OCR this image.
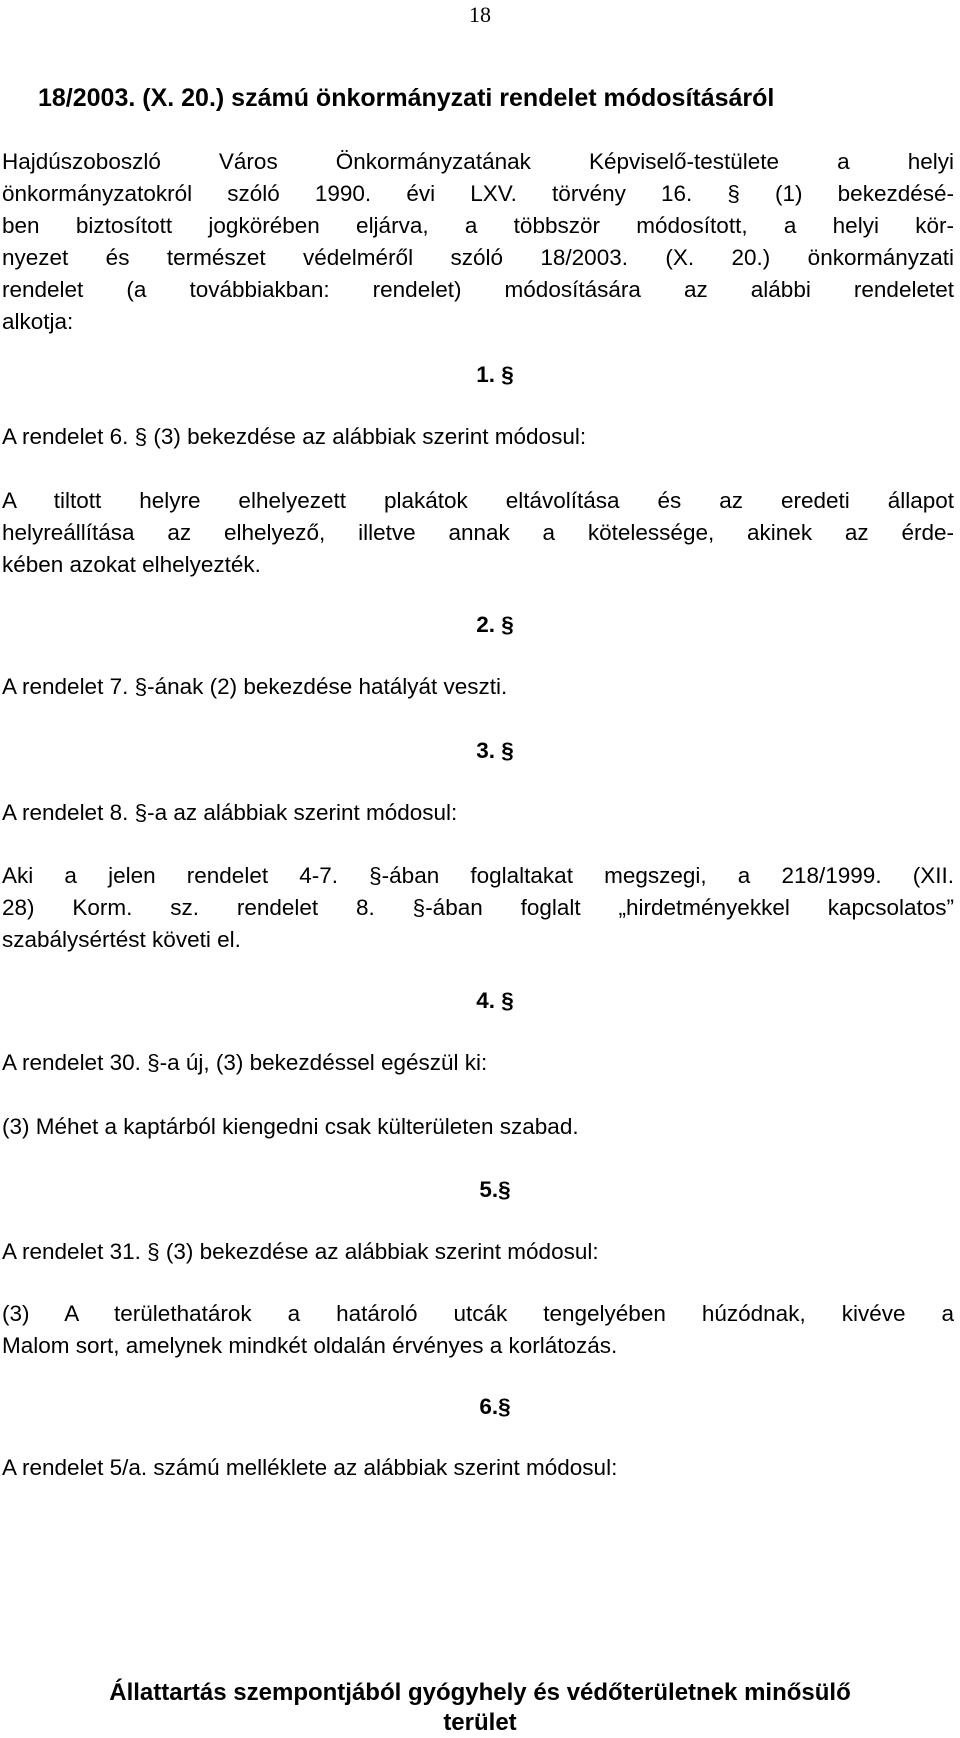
18
18/2003. (X. 20.) számú önkormányzati rendelet módosításáról
Hajdúszoboszló Város Önkormányzatának Képviselő-testülete a helyi
önkormányzatokról szóló 1990. évi LXV. törvény 16. § (1) bekezdésé-
ben biztosított jogkörében eljárva, a többször módosított, a helyi kör-
nyezet és természet védelméről szóló 18/2003. (X. 20.) önkormányzati
rendelet (a továbbiakban: rendelet) módosítására az alábbi rendeletet
alkotja:
1. §
A rendelet 6. § (3) bekezdése az alábbiak szerint módosul:
A tiltott helyre elhelyezett plakátok eltávolítása és az eredeti állapot
helyreállítása az elhelyező, illetve annak a kötelessége, akinek az érde-
kében azokat elhelyezték.
2. §
A rendelet 7. §-ának (2) bekezdése hatályát veszti.
3. §
A rendelet 8. §-a az alábbiak szerint módosul:
Aki a jelen rendelet 4-7. §-ában foglaltakat megszegi, a 218/1999. (XII.
28) Korm. sz. rendelet 8. §-ában foglalt „hirdetményekkel kapcsolatos”
szabálysértést követi el.
4. §
A rendelet 30. §-a új, (3) bekezdéssel egészül ki:
(3) Méhet a kaptárból kiengedni csak külterületen szabad.
5.§
A rendelet 31. § (3) bekezdése az alábbiak szerint módosul:
(3) A területhatárok a határoló utcák tengelyében húzódnak, kivéve a
Malom sort, amelynek mindkét oldalán érvényes a korlátozás.
6.§
A rendelet 5/a. számú melléklete az alábbiak szerint módosul:
Állattartás szempontjából gyógyhely és védőterületnek minősülő
terület
